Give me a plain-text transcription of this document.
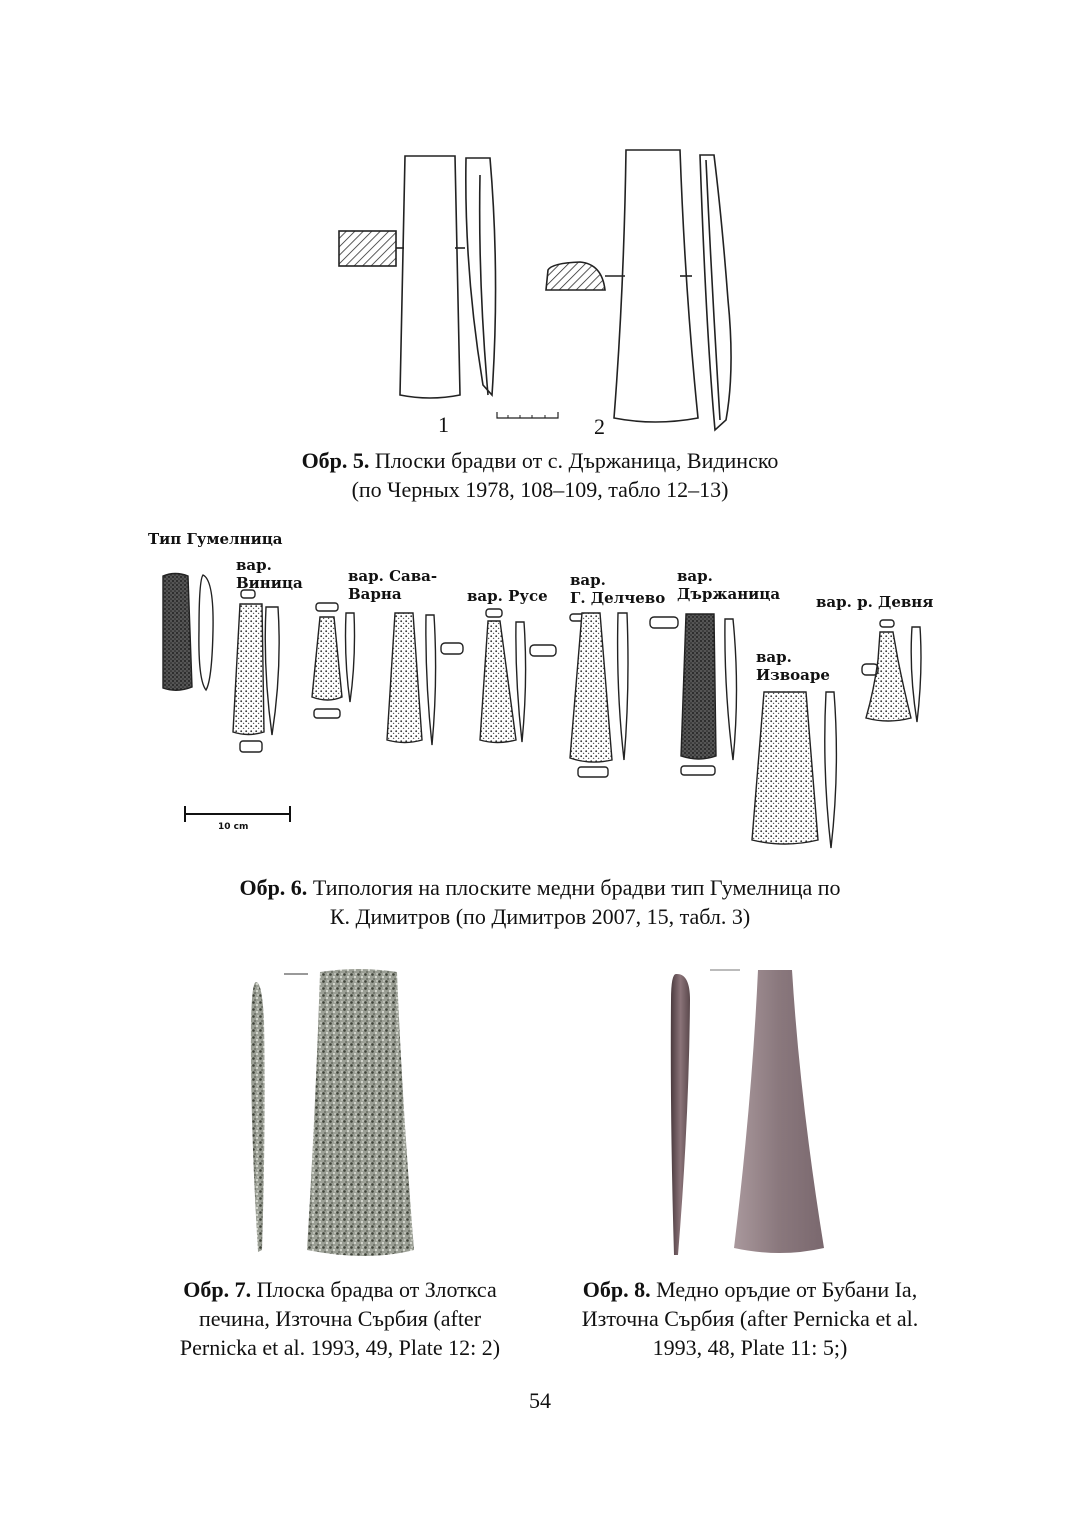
1	2
Обр. 5. Плоски брадви от с. Държаница, Видинско
(по Черных 1978, 108–109, табло 12–13)
Тип Гумелница
вар.
Виница	вар. Сава-
Варна	вар. Русе
вар.
Г. Делчево
вар.
Държаница
вар.
Извоаре
вар. р. Девня
10 cm
Обр. 6. Типология на плоските медни брадви тип Гумелница по
К. Димитров (по Димитров 2007, 15, табл. 3)
Обр. 7. Плоска брадва от Злоткса
печина, Източна Сърбия (after
Pernicka et al. 1993, 49, Plate 12: 2)
Обр. 8. Медно оръдие от Бубани Ia,
Източна Сърбия (after Pernicka et al.
1993, 48, Plate 11: 5;)
54
